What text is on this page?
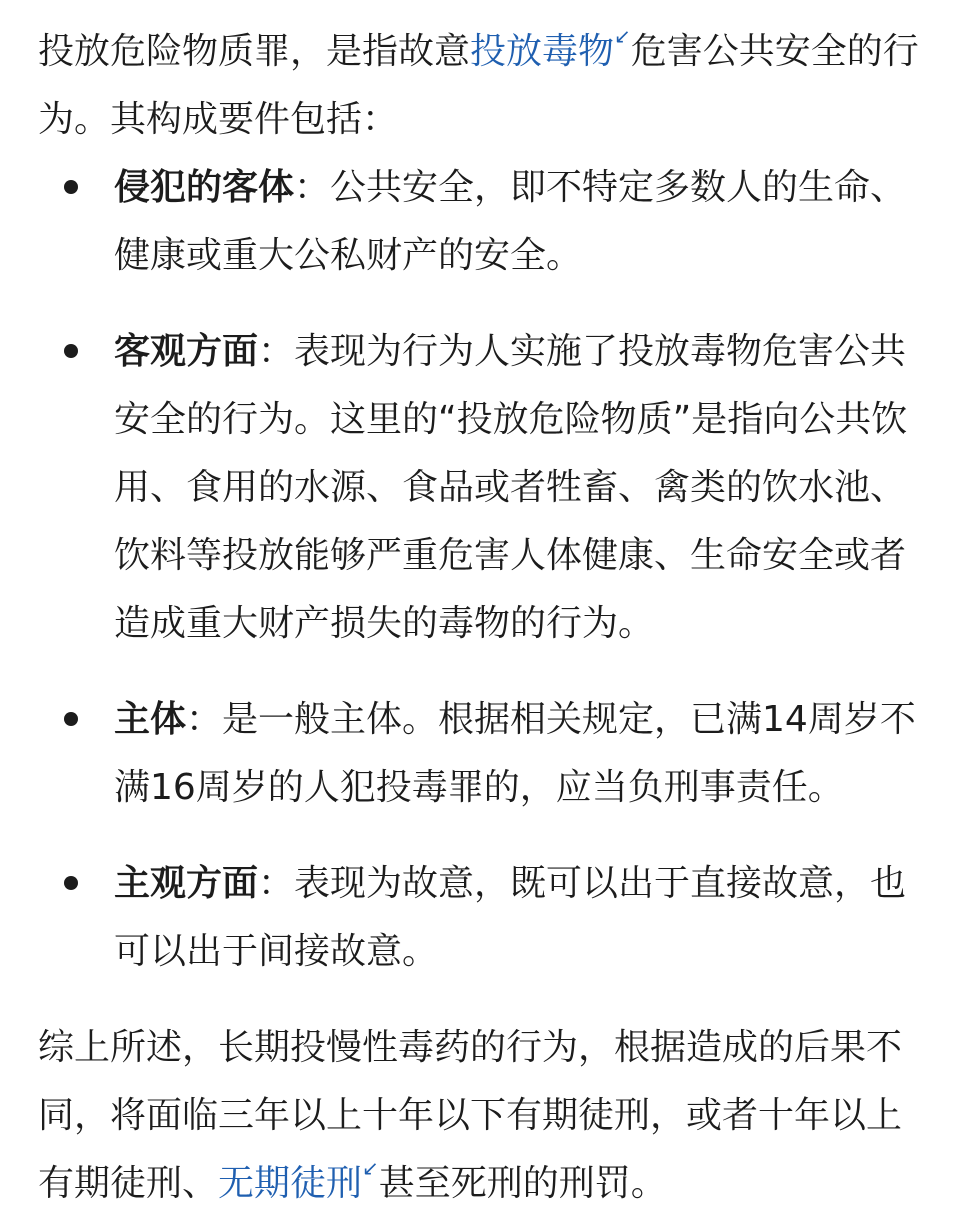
投放危险物质罪，是指故意投放毒物↙危害公共安全的行为。其构成要件包括：

侵犯的客体：公共安全，即不特定多数人的生命、健康或重大公私财产的安全。
客观方面：表现为行为人实施了投放毒物危害公共安全的行为。这里的“投放危险物质”是指向公共饮用、食用的水源、食品或者牲畜、禽类的饮水池、饮料等投放能够严重危害人体健康、生命安全或者造成重大财产损失的毒物的行为。
主体：是一般主体。根据相关规定，已满14周岁不满16周岁的人犯投毒罪的，应当负刑事责任。
主观方面：表现为故意，既可以出于直接故意，也可以出于间接故意。

综上所述，长期投慢性毒药的行为，根据造成的后果不同，将面临三年以上十年以下有期徒刑，或者十年以上有期徒刑、无期徒刑↙甚至死刑的刑罚。
